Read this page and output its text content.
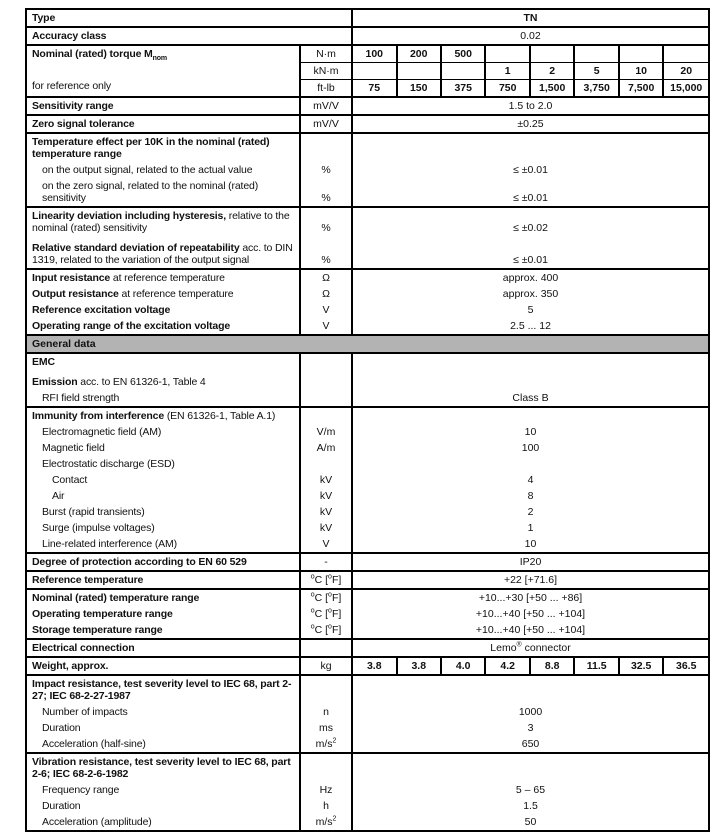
Type		TN							
Accuracy class		0.02							

Nominal (rated) torque $M_{nom}$
for reference only	N·m	100	200	500					
	kN·m				1	2	5	10	20
	ft-lb	75	150	375	750	1,500	3,750	7,500	15,000
Sensitivity range	mV/V	1.5 to 2.0							
Zero signal tolerance	mV/V	±0.25							
Temperature effect per 10K in the nominal (rated) temperature range									
on the output signal, related to the actual value	%	≤ ±0.01							
on the zero signal, related to the nominal (rated) sensitivity	%	≤ ±0.01							
Linearity deviation including hysteresis, relative to the nominal (rated) sensitivity	%	≤ ±0.02							
Relative standard deviation of repeatability acc. to DIN 1319, related to the variation of the output signal	%	≤ ±0.01							
Input resistance at reference temperature	Ω	approx. 400							
Output resistance at reference temperature	Ω	approx. 350							
Reference excitation voltage	V	5							
Operating range of the excitation voltage	V	2.5 ... 12							
General data									
EMC									
Emission acc. to EN 61326-1, Table 4									
RFI field strength		Class B							
Immunity from interference (EN 61326-1, Table A.1)									
Electromagnetic field (AM)	V/m	10							
Magnetic field	A/m	100							
Electrostatic discharge (ESD)									
Contact	kV	4							
Air	kV	8							
Burst (rapid transients)	kV	2							
Surge (impulse voltages)	kV	1							
Line-related interference (AM)	V	10							
Degree of protection according to EN 60 529	-	IP20							
Reference temperature	$^o$C [$^o$F]	+22 [+71.6]							
Nominal (rated) temperature range	$^o$C [$^o$F]	+10...+30 [+50 ... +86]							
Operating temperature range	$^o$C [$^o$F]	+10...+40 [+50 ... +104]							
Storage temperature range	$^o$C [$^o$F]	+10...+40 [+50 ... +104]							
Electrical connection		Lemo® connector							
Weight, approx.	kg	3.8	3.8	4.0	4.2	8.8	11.5	32.5	36.5
Impact resistance, test severity level to IEC 68, part 2-27; IEC 68-2-27-1987									
Number of impacts	n	1000							
Duration	ms	3							
Acceleration (half-sine)	$m/s^2$	650							
Vibration resistance, test severity level to IEC 68, part 2-6; IEC 68-2-6-1982									
Frequency range	Hz	5 – 65							
Duration	h	1.5							
Acceleration (amplitude)	$m/s^2$	50							
